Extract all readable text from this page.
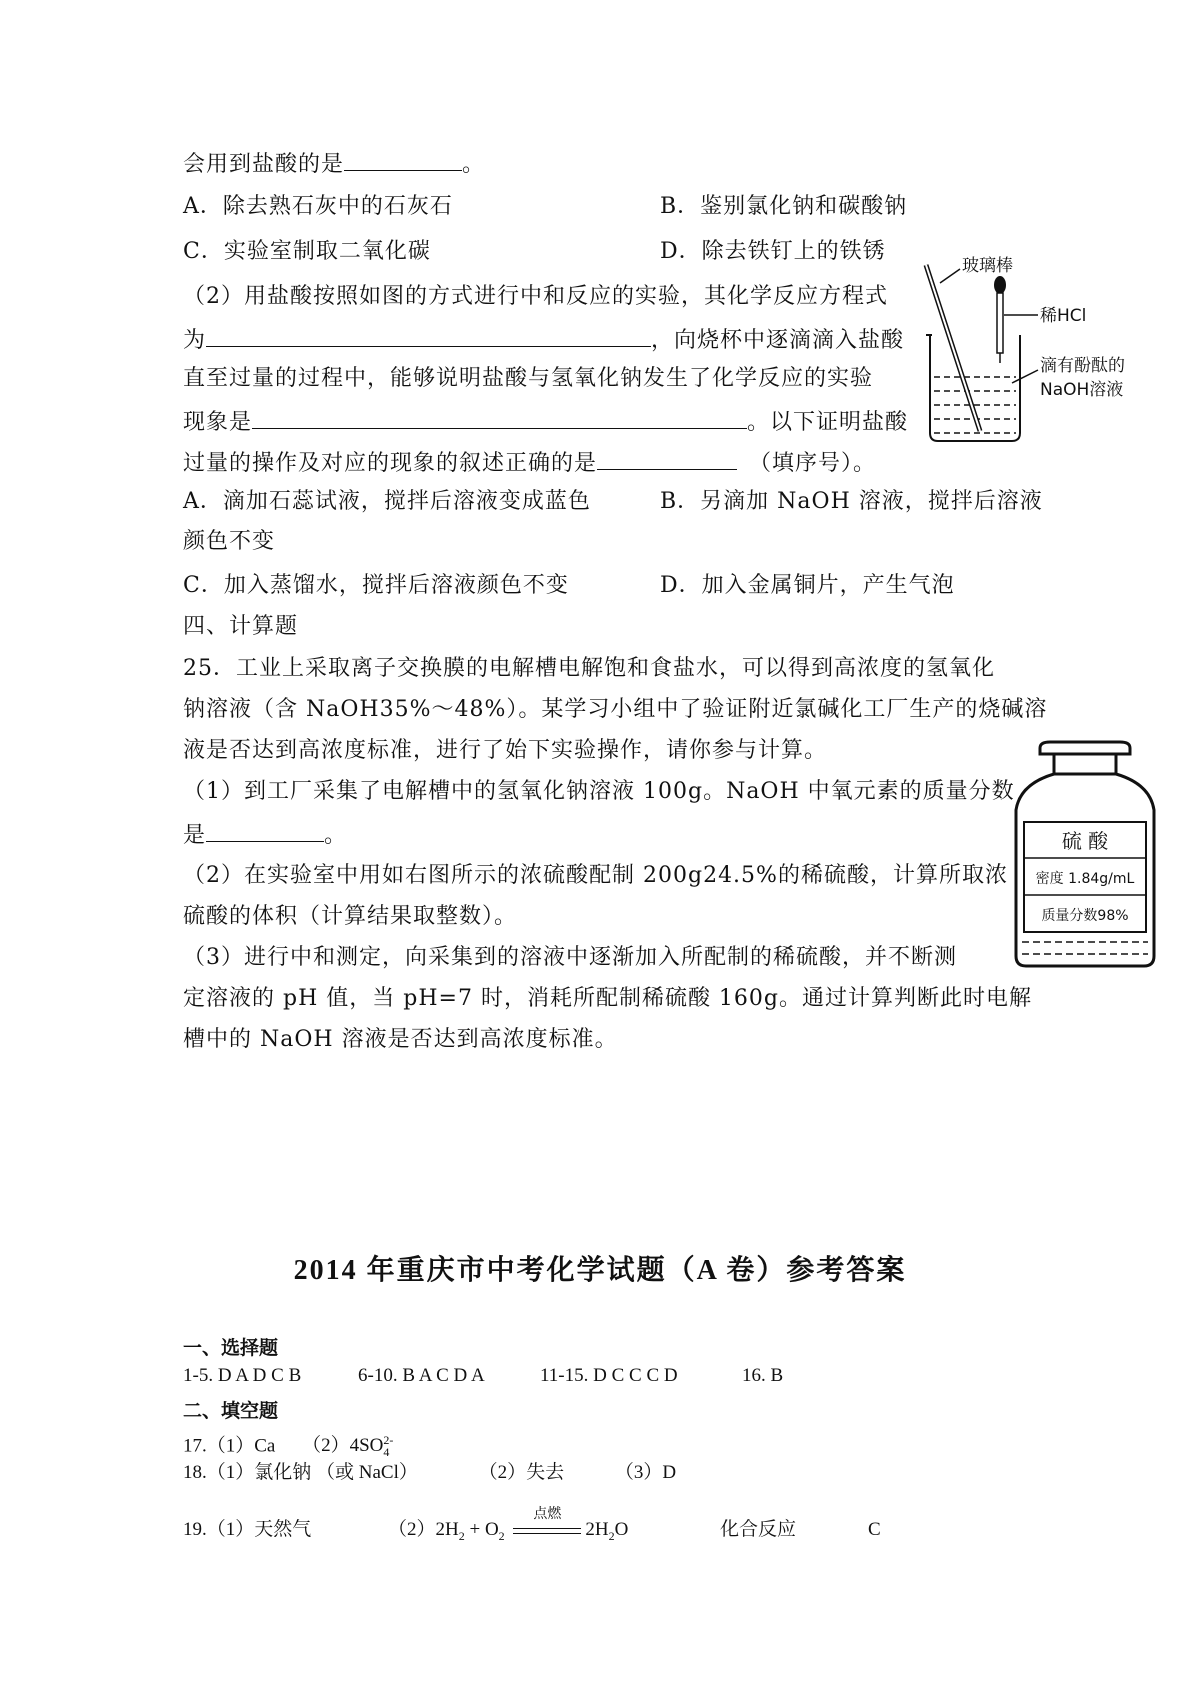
会用到盐酸的是	。
A．除去熟石灰中的石灰石	B．鉴别氯化钠和碳酸钠
C．实验室制取二氧化碳	D．除去铁钉上的铁锈
（2）用盐酸按照如图的方式进行中和反应的实验，其化学反应方程式
为	，向烧杯中逐滴滴入盐酸
直至过量的过程中，能够说明盐酸与氢氧化钠发生了化学反应的实验
现象是	。以下证明盐酸
过量的操作及对应的现象的叙述正确的是	（填序号）。
A．滴加石蕊试液，搅拌后溶液变成蓝色	B．另滴加 NaOH 溶液，搅拌后溶液
颜色不变
C．加入蒸馏水，搅拌后溶液颜色不变	D．加入金属铜片，产生气泡
玻璃棒
稀HCl
滴有酚酞的
NaOH溶液
四、计算题
25．工业上采取离子交换膜的电解槽电解饱和食盐水，可以得到高浓度的氢氧化
钠溶液（含 NaOH35%～48%）。某学习小组中了验证附近氯碱化工厂生产的烧碱溶
液是否达到高浓度标准，进行了始下实验操作，请你参与计算。
（1）到工厂采集了电解槽中的氢氧化钠溶液 100g。NaOH 中氧元素的质量分数
是	。
（2）在实验室中用如右图所示的浓硫酸配制 200g24.5%的稀硫酸，计算所取浓
硫酸的体积（计算结果取整数）。
（3）进行中和测定，向采集到的溶液中逐渐加入所配制的稀硫酸，并不断测
定溶液的 pH 值，当 pH=7 时，消耗所配制稀硫酸 160g。通过计算判断此时电解
槽中的 NaOH 溶液是否达到高浓度标准。
硫 酸
密度 1.84g/mL
质量分数98%
2014 年重庆市中考化学试题（A 卷）参考答案
一、选择题
1-5. D A D C B	6-10. B A C D A	11-15. D C C C D	16. B
二、填空题
17.（1）Ca $(2)4SO_4^{2-}$
18.（1）氯化钠 （或 NaCl）	（2）失去	（3）D
19.（1）天然气	$(2)2H_2 + O_2$
点燃
$2H_2O$	化合反应	C
